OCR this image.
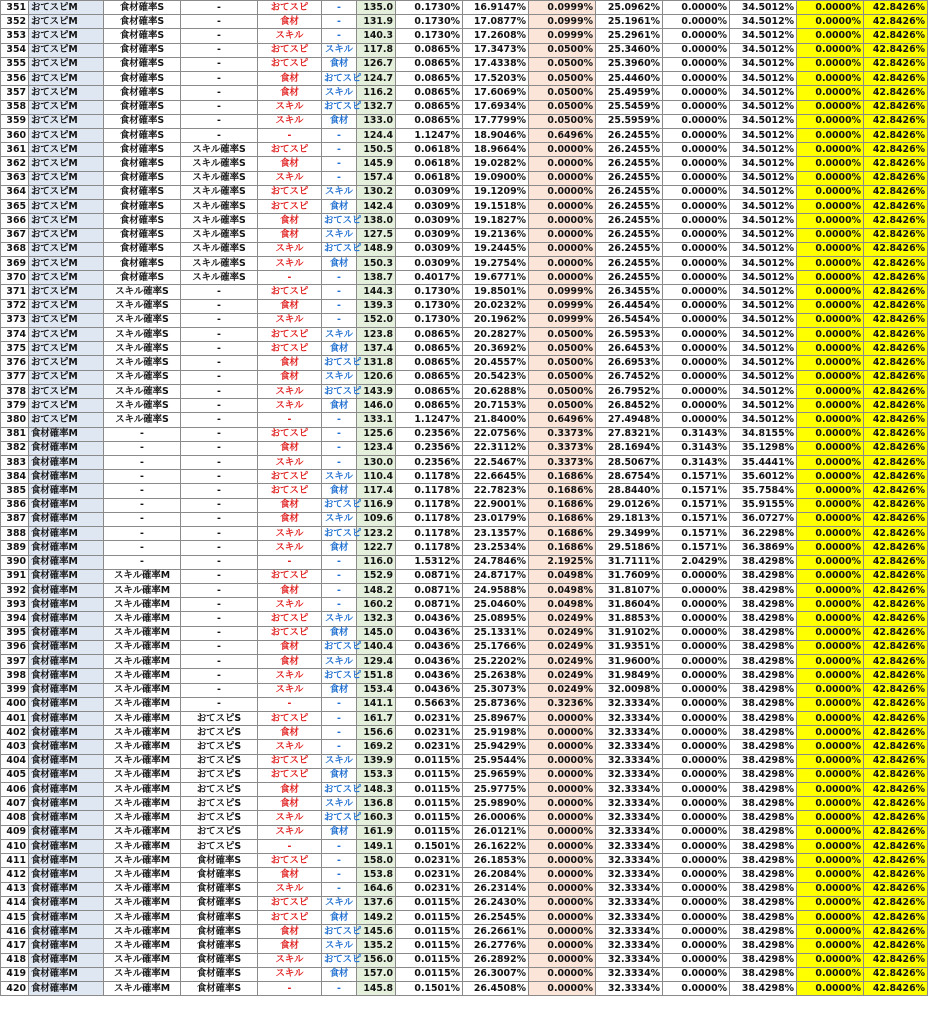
351	おてスピM	食材確率S	-	おてスピ	-	135.0	0.1730%	16.9147%	0.0999%	25.0962%	0.0000%	34.5012%	0.0000%	42.8426%
352	おてスピM	食材確率S	-	食材	-	131.9	0.1730%	17.0877%	0.0999%	25.1961%	0.0000%	34.5012%	0.0000%	42.8426%
353	おてスピM	食材確率S	-	スキル	-	140.3	0.1730%	17.2608%	0.0999%	25.2961%	0.0000%	34.5012%	0.0000%	42.8426%
354	おてスピM	食材確率S	-	おてスピ	スキル	117.8	0.0865%	17.3473%	0.0500%	25.3460%	0.0000%	34.5012%	0.0000%	42.8426%
355	おてスピM	食材確率S	-	おてスピ	食材	126.7	0.0865%	17.4338%	0.0500%	25.3960%	0.0000%	34.5012%	0.0000%	42.8426%
356	おてスピM	食材確率S	-	食材	おてスピ	124.7	0.0865%	17.5203%	0.0500%	25.4460%	0.0000%	34.5012%	0.0000%	42.8426%
357	おてスピM	食材確率S	-	食材	スキル	116.2	0.0865%	17.6069%	0.0500%	25.4959%	0.0000%	34.5012%	0.0000%	42.8426%
358	おてスピM	食材確率S	-	スキル	おてスピ	132.7	0.0865%	17.6934%	0.0500%	25.5459%	0.0000%	34.5012%	0.0000%	42.8426%
359	おてスピM	食材確率S	-	スキル	食材	133.0	0.0865%	17.7799%	0.0500%	25.5959%	0.0000%	34.5012%	0.0000%	42.8426%
360	おてスピM	食材確率S	-	-	-	124.4	1.1247%	18.9046%	0.6496%	26.2455%	0.0000%	34.5012%	0.0000%	42.8426%
361	おてスピM	食材確率S	スキル確率S	おてスピ	-	150.5	0.0618%	18.9664%	0.0000%	26.2455%	0.0000%	34.5012%	0.0000%	42.8426%
362	おてスピM	食材確率S	スキル確率S	食材	-	145.9	0.0618%	19.0282%	0.0000%	26.2455%	0.0000%	34.5012%	0.0000%	42.8426%
363	おてスピM	食材確率S	スキル確率S	スキル	-	157.4	0.0618%	19.0900%	0.0000%	26.2455%	0.0000%	34.5012%	0.0000%	42.8426%
364	おてスピM	食材確率S	スキル確率S	おてスピ	スキル	130.2	0.0309%	19.1209%	0.0000%	26.2455%	0.0000%	34.5012%	0.0000%	42.8426%
365	おてスピM	食材確率S	スキル確率S	おてスピ	食材	142.4	0.0309%	19.1518%	0.0000%	26.2455%	0.0000%	34.5012%	0.0000%	42.8426%
366	おてスピM	食材確率S	スキル確率S	食材	おてスピ	138.0	0.0309%	19.1827%	0.0000%	26.2455%	0.0000%	34.5012%	0.0000%	42.8426%
367	おてスピM	食材確率S	スキル確率S	食材	スキル	127.5	0.0309%	19.2136%	0.0000%	26.2455%	0.0000%	34.5012%	0.0000%	42.8426%
368	おてスピM	食材確率S	スキル確率S	スキル	おてスピ	148.9	0.0309%	19.2445%	0.0000%	26.2455%	0.0000%	34.5012%	0.0000%	42.8426%
369	おてスピM	食材確率S	スキル確率S	スキル	食材	150.3	0.0309%	19.2754%	0.0000%	26.2455%	0.0000%	34.5012%	0.0000%	42.8426%
370	おてスピM	食材確率S	スキル確率S	-	-	138.7	0.4017%	19.6771%	0.0000%	26.2455%	0.0000%	34.5012%	0.0000%	42.8426%
371	おてスピM	スキル確率S	-	おてスピ	-	144.3	0.1730%	19.8501%	0.0999%	26.3455%	0.0000%	34.5012%	0.0000%	42.8426%
372	おてスピM	スキル確率S	-	食材	-	139.3	0.1730%	20.0232%	0.0999%	26.4454%	0.0000%	34.5012%	0.0000%	42.8426%
373	おてスピM	スキル確率S	-	スキル	-	152.0	0.1730%	20.1962%	0.0999%	26.5454%	0.0000%	34.5012%	0.0000%	42.8426%
374	おてスピM	スキル確率S	-	おてスピ	スキル	123.8	0.0865%	20.2827%	0.0500%	26.5953%	0.0000%	34.5012%	0.0000%	42.8426%
375	おてスピM	スキル確率S	-	おてスピ	食材	137.4	0.0865%	20.3692%	0.0500%	26.6453%	0.0000%	34.5012%	0.0000%	42.8426%
376	おてスピM	スキル確率S	-	食材	おてスピ	131.8	0.0865%	20.4557%	0.0500%	26.6953%	0.0000%	34.5012%	0.0000%	42.8426%
377	おてスピM	スキル確率S	-	食材	スキル	120.6	0.0865%	20.5423%	0.0500%	26.7452%	0.0000%	34.5012%	0.0000%	42.8426%
378	おてスピM	スキル確率S	-	スキル	おてスピ	143.9	0.0865%	20.6288%	0.0500%	26.7952%	0.0000%	34.5012%	0.0000%	42.8426%
379	おてスピM	スキル確率S	-	スキル	食材	146.0	0.0865%	20.7153%	0.0500%	26.8452%	0.0000%	34.5012%	0.0000%	42.8426%
380	おてスピM	スキル確率S	-	-	-	133.1	1.1247%	21.8400%	0.6496%	27.4948%	0.0000%	34.5012%	0.0000%	42.8426%
381	食材確率M	-	-	おてスピ	-	125.6	0.2356%	22.0756%	0.3373%	27.8321%	0.3143%	34.8155%	0.0000%	42.8426%
382	食材確率M	-	-	食材	-	123.4	0.2356%	22.3112%	0.3373%	28.1694%	0.3143%	35.1298%	0.0000%	42.8426%
383	食材確率M	-	-	スキル	-	130.0	0.2356%	22.5467%	0.3373%	28.5067%	0.3143%	35.4441%	0.0000%	42.8426%
384	食材確率M	-	-	おてスピ	スキル	110.4	0.1178%	22.6645%	0.1686%	28.6754%	0.1571%	35.6012%	0.0000%	42.8426%
385	食材確率M	-	-	おてスピ	食材	117.4	0.1178%	22.7823%	0.1686%	28.8440%	0.1571%	35.7584%	0.0000%	42.8426%
386	食材確率M	-	-	食材	おてスピ	116.9	0.1178%	22.9001%	0.1686%	29.0126%	0.1571%	35.9155%	0.0000%	42.8426%
387	食材確率M	-	-	食材	スキル	109.6	0.1178%	23.0179%	0.1686%	29.1813%	0.1571%	36.0727%	0.0000%	42.8426%
388	食材確率M	-	-	スキル	おてスピ	123.2	0.1178%	23.1357%	0.1686%	29.3499%	0.1571%	36.2298%	0.0000%	42.8426%
389	食材確率M	-	-	スキル	食材	122.7	0.1178%	23.2534%	0.1686%	29.5186%	0.1571%	36.3869%	0.0000%	42.8426%
390	食材確率M	-	-	-	-	116.0	1.5312%	24.7846%	2.1925%	31.7111%	2.0429%	38.4298%	0.0000%	42.8426%
391	食材確率M	スキル確率M	-	おてスピ	-	152.9	0.0871%	24.8717%	0.0498%	31.7609%	0.0000%	38.4298%	0.0000%	42.8426%
392	食材確率M	スキル確率M	-	食材	-	148.2	0.0871%	24.9588%	0.0498%	31.8107%	0.0000%	38.4298%	0.0000%	42.8426%
393	食材確率M	スキル確率M	-	スキル	-	160.2	0.0871%	25.0460%	0.0498%	31.8604%	0.0000%	38.4298%	0.0000%	42.8426%
394	食材確率M	スキル確率M	-	おてスピ	スキル	132.3	0.0436%	25.0895%	0.0249%	31.8853%	0.0000%	38.4298%	0.0000%	42.8426%
395	食材確率M	スキル確率M	-	おてスピ	食材	145.0	0.0436%	25.1331%	0.0249%	31.9102%	0.0000%	38.4298%	0.0000%	42.8426%
396	食材確率M	スキル確率M	-	食材	おてスピ	140.4	0.0436%	25.1766%	0.0249%	31.9351%	0.0000%	38.4298%	0.0000%	42.8426%
397	食材確率M	スキル確率M	-	食材	スキル	129.4	0.0436%	25.2202%	0.0249%	31.9600%	0.0000%	38.4298%	0.0000%	42.8426%
398	食材確率M	スキル確率M	-	スキル	おてスピ	151.8	0.0436%	25.2638%	0.0249%	31.9849%	0.0000%	38.4298%	0.0000%	42.8426%
399	食材確率M	スキル確率M	-	スキル	食材	153.4	0.0436%	25.3073%	0.0249%	32.0098%	0.0000%	38.4298%	0.0000%	42.8426%
400	食材確率M	スキル確率M	-	-	-	141.1	0.5663%	25.8736%	0.3236%	32.3334%	0.0000%	38.4298%	0.0000%	42.8426%
401	食材確率M	スキル確率M	おてスピS	おてスピ	-	161.7	0.0231%	25.8967%	0.0000%	32.3334%	0.0000%	38.4298%	0.0000%	42.8426%
402	食材確率M	スキル確率M	おてスピS	食材	-	156.6	0.0231%	25.9198%	0.0000%	32.3334%	0.0000%	38.4298%	0.0000%	42.8426%
403	食材確率M	スキル確率M	おてスピS	スキル	-	169.2	0.0231%	25.9429%	0.0000%	32.3334%	0.0000%	38.4298%	0.0000%	42.8426%
404	食材確率M	スキル確率M	おてスピS	おてスピ	スキル	139.9	0.0115%	25.9544%	0.0000%	32.3334%	0.0000%	38.4298%	0.0000%	42.8426%
405	食材確率M	スキル確率M	おてスピS	おてスピ	食材	153.3	0.0115%	25.9659%	0.0000%	32.3334%	0.0000%	38.4298%	0.0000%	42.8426%
406	食材確率M	スキル確率M	おてスピS	食材	おてスピ	148.3	0.0115%	25.9775%	0.0000%	32.3334%	0.0000%	38.4298%	0.0000%	42.8426%
407	食材確率M	スキル確率M	おてスピS	食材	スキル	136.8	0.0115%	25.9890%	0.0000%	32.3334%	0.0000%	38.4298%	0.0000%	42.8426%
408	食材確率M	スキル確率M	おてスピS	スキル	おてスピ	160.3	0.0115%	26.0006%	0.0000%	32.3334%	0.0000%	38.4298%	0.0000%	42.8426%
409	食材確率M	スキル確率M	おてスピS	スキル	食材	161.9	0.0115%	26.0121%	0.0000%	32.3334%	0.0000%	38.4298%	0.0000%	42.8426%
410	食材確率M	スキル確率M	おてスピS	-	-	149.1	0.1501%	26.1622%	0.0000%	32.3334%	0.0000%	38.4298%	0.0000%	42.8426%
411	食材確率M	スキル確率M	食材確率S	おてスピ	-	158.0	0.0231%	26.1853%	0.0000%	32.3334%	0.0000%	38.4298%	0.0000%	42.8426%
412	食材確率M	スキル確率M	食材確率S	食材	-	153.8	0.0231%	26.2084%	0.0000%	32.3334%	0.0000%	38.4298%	0.0000%	42.8426%
413	食材確率M	スキル確率M	食材確率S	スキル	-	164.6	0.0231%	26.2314%	0.0000%	32.3334%	0.0000%	38.4298%	0.0000%	42.8426%
414	食材確率M	スキル確率M	食材確率S	おてスピ	スキル	137.6	0.0115%	26.2430%	0.0000%	32.3334%	0.0000%	38.4298%	0.0000%	42.8426%
415	食材確率M	スキル確率M	食材確率S	おてスピ	食材	149.2	0.0115%	26.2545%	0.0000%	32.3334%	0.0000%	38.4298%	0.0000%	42.8426%
416	食材確率M	スキル確率M	食材確率S	食材	おてスピ	145.6	0.0115%	26.2661%	0.0000%	32.3334%	0.0000%	38.4298%	0.0000%	42.8426%
417	食材確率M	スキル確率M	食材確率S	食材	スキル	135.2	0.0115%	26.2776%	0.0000%	32.3334%	0.0000%	38.4298%	0.0000%	42.8426%
418	食材確率M	スキル確率M	食材確率S	スキル	おてスピ	156.0	0.0115%	26.2892%	0.0000%	32.3334%	0.0000%	38.4298%	0.0000%	42.8426%
419	食材確率M	スキル確率M	食材確率S	スキル	食材	157.0	0.0115%	26.3007%	0.0000%	32.3334%	0.0000%	38.4298%	0.0000%	42.8426%
420	食材確率M	スキル確率M	食材確率S	-	-	145.8	0.1501%	26.4508%	0.0000%	32.3334%	0.0000%	38.4298%	0.0000%	42.8426%
